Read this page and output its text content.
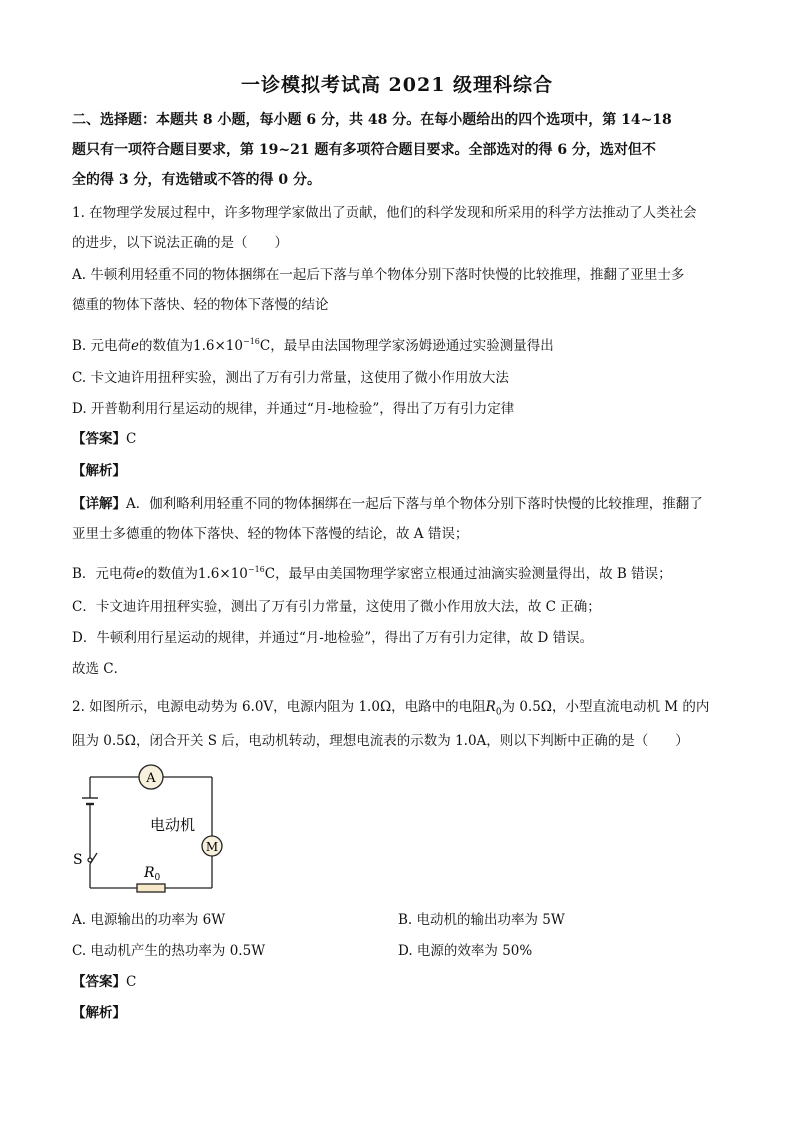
一诊模拟考试高 2021 级理科综合
二、选择题：本题共 8 小题，每小题 6 分，共 48 分。在每小题给出的四个选项中，第 14~18
题只有一项符合题目要求，第 19~21 题有多项符合题目要求。全部选对的得 6 分，选对但不
全的得 3 分，有选错或不答的得 0 分。
1. 在物理学发展过程中，许多物理学家做出了贡献，他们的科学发现和所采用的科学方法推动了人类社会
的进步，以下说法正确的是（　　）
A. 牛顿利用轻重不同的物体捆绑在一起后下落与单个物体分别下落时快慢的比较推理，推翻了亚里士多
德重的物体下落快、轻的物体下落慢的结论
B. 元电荷e的数值为$1.6\times 10^{-16}C$，最早由法国物理学家汤姆逊通过实验测量得出
C. 卡文迪许用扭秤实验，测出了万有引力常量，这使用了微小作用放大法
D. 开普勒利用行星运动的规律，并通过“月-地检验”，得出了万有引力定律
【答案】C
【解析】
【详解】A．伽利略利用轻重不同的物体捆绑在一起后下落与单个物体分别下落时快慢的比较推理，推翻了
亚里士多德重的物体下落快、轻的物体下落慢的结论，故 A 错误；
B．元电荷e的数值为$1.6\times 10^{-16}C$，最早由美国物理学家密立根通过油滴实验测量得出，故 B 错误；
C．卡文迪许用扭秤实验，测出了万有引力常量，这使用了微小作用放大法，故 C 正确；
D．牛顿利用行星运动的规律，并通过“月-地检验”，得出了万有引力定律，故 D 错误。
故选 C．
2. 如图所示，电源电动势为 6.0V，电源内阻为 1.0Ω，电路中的电阻$R_0$为 0.5Ω，小型直流电动机 M 的内
阻为 0.5Ω，闭合开关 S 后，电动机转动，理想电流表的示数为 1.0A，则以下判断中正确的是（　　）
A
M
电动机
S
$R_0$
A. 电源输出的功率为 6W	B. 电动机的输出功率为 5W
C. 电动机产生的热功率为 0.5W	D. 电源的效率为 50%
【答案】C
【解析】
